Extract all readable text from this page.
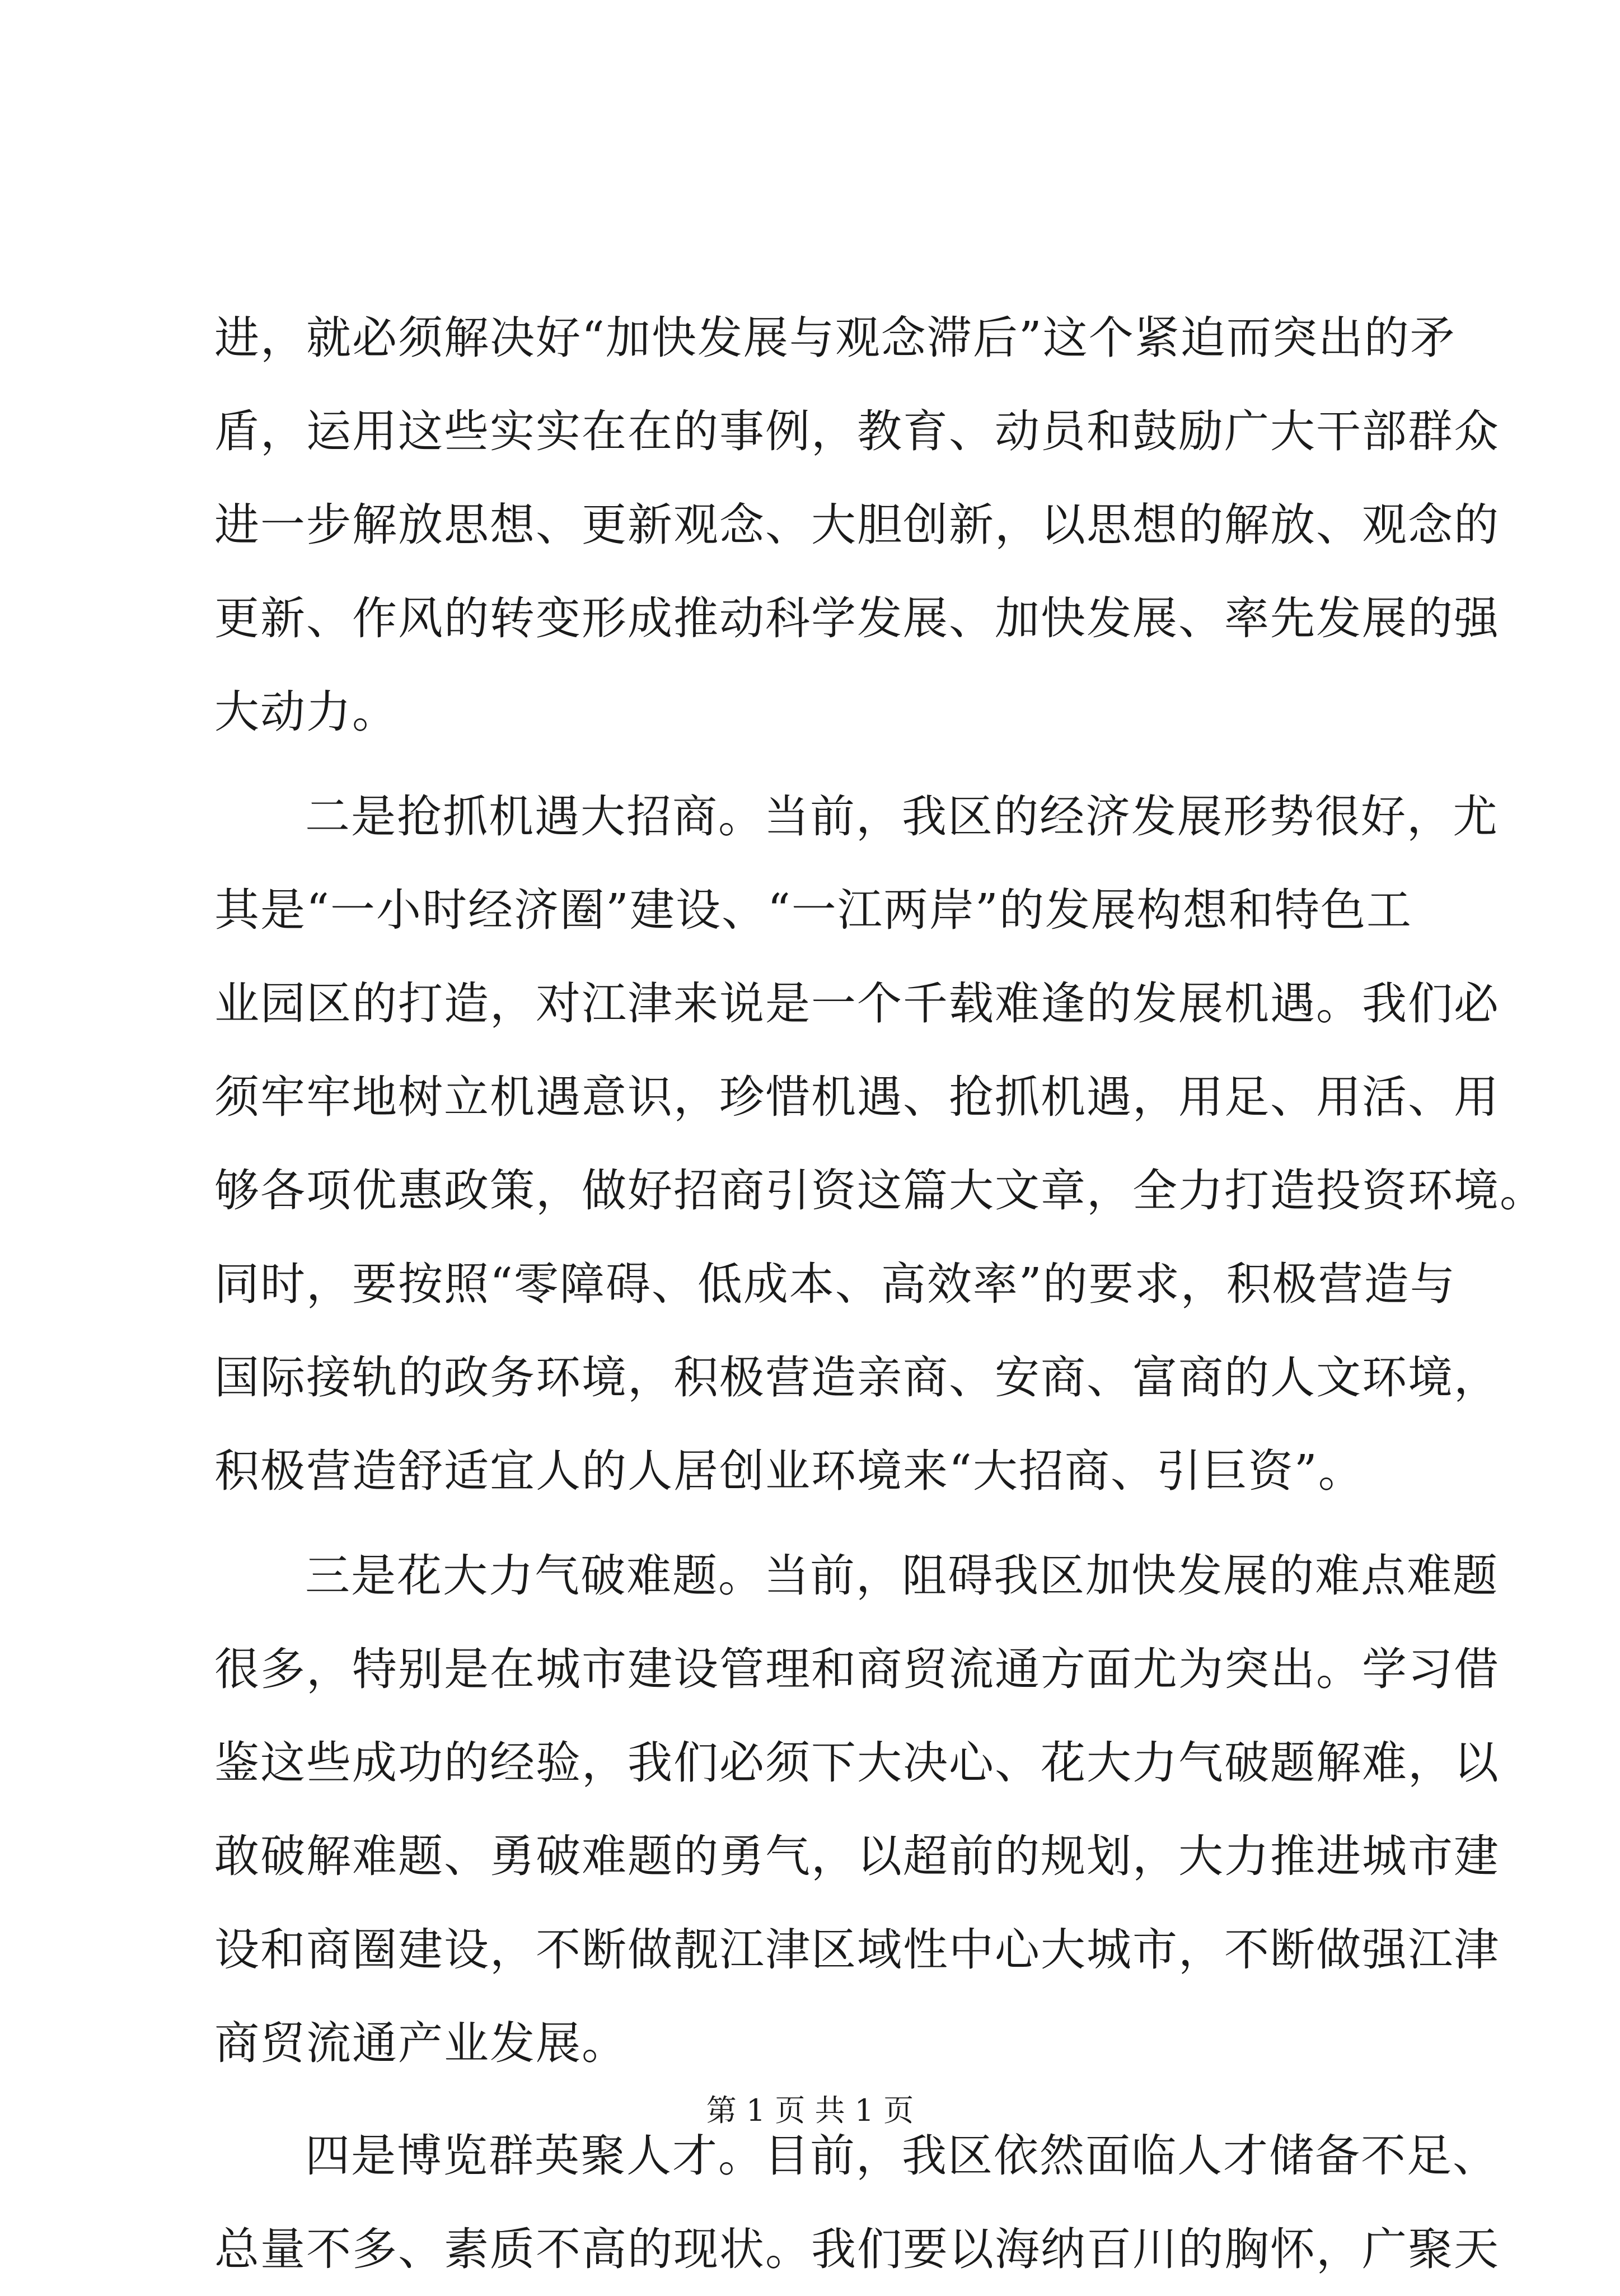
进，就必须解决好“加快发展与观念滞后”这个紧迫而突出的矛
盾，运用这些实实在在的事例，教育、动员和鼓励广大干部群众
进一步解放思想、更新观念、大胆创新，以思想的解放、观念的
更新、作风的转变形成推动科学发展、加快发展、率先发展的强
大动力。
二是抢抓机遇大招商。当前，我区的经济发展形势很好，尤
其是“一小时经济圈”建设、“一江两岸”的发展构想和特色工
业园区的打造，对江津来说是一个千载难逢的发展机遇。我们必
须牢牢地树立机遇意识，珍惜机遇、抢抓机遇，用足、用活、用
够各项优惠政策，做好招商引资这篇大文章，全力打造投资环境。
同时，要按照“零障碍、低成本、高效率”的要求，积极营造与
国际接轨的政务环境，积极营造亲商、安商、富商的人文环境，
积极营造舒适宜人的人居创业环境来“大招商、引巨资”。
三是花大力气破难题。当前，阻碍我区加快发展的难点难题
很多，特别是在城市建设管理和商贸流通方面尤为突出。学习借
鉴这些成功的经验，我们必须下大决心、花大力气破题解难，以
敢破解难题、勇破难题的勇气，以超前的规划，大力推进城市建
设和商圈建设，不断做靓江津区域性中心大城市，不断做强江津
商贸流通产业发展。
四是博览群英聚人才。目前，我区依然面临人才储备不足、
总量不多、素质不高的现状。我们要以海纳百川的胸怀，广聚天
第 1 页 共 1 页
